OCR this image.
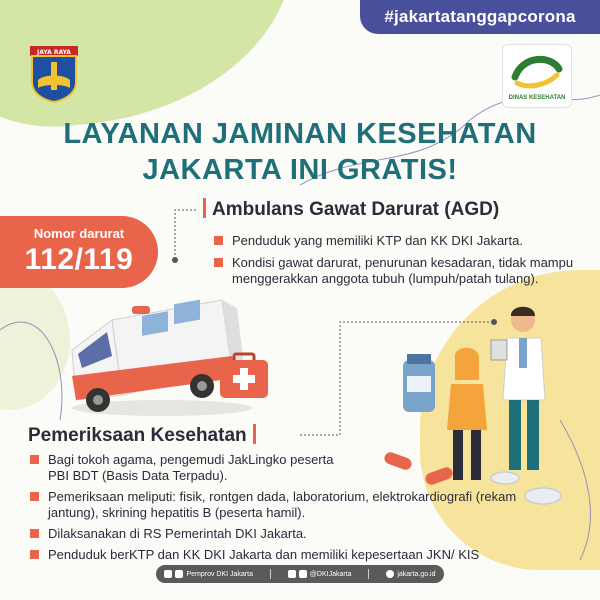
#jakartatanggapcorona
JAYA RAYA
DINAS KESEHATAN
LAYANAN JAMINAN KESEHATAN
JAKARTA INI GRATIS!
Nomor darurat
112/119
Ambulans Gawat Darurat (AGD)
Penduduk yang memiliki KTP dan KK DKI Jakarta.
Kondisi gawat darurat, penurunan kesadaran, tidak mampu menggerakkan anggota tubuh (lumpuh/patah tulang).
Pemeriksaan Kesehatan
Bagi tokoh agama, pengemudi JakLingko peserta PBI BDT (Basis Data Terpadu).
Pemeriksaan meliputi: fisik, rontgen dada, laboratorium, elektrokardiografi (rekam jantung), skrining hepatitis B (peserta hamil).
Dilaksanakan di RS Pemerintah DKI Jakarta.
Penduduk berKTP dan KK DKI Jakarta dan memiliki kepesertaan JKN/ KIS
Pemprov DKI Jakarta	@DKIJakarta	jakarta.go.id
